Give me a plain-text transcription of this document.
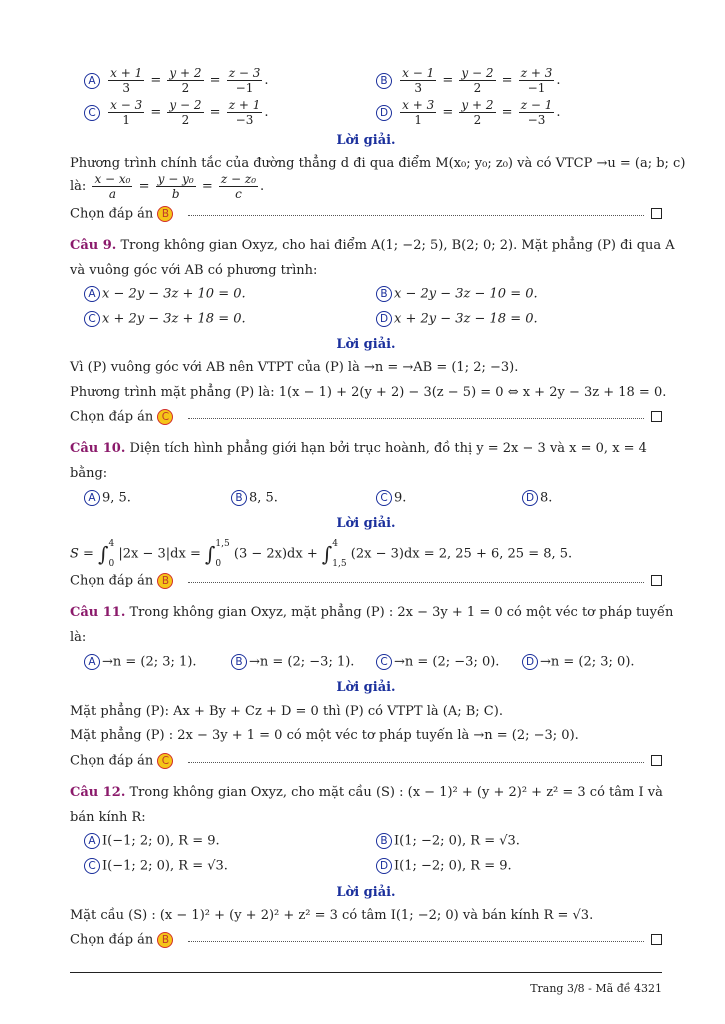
A $\frac{x + 1}{3} = \frac{y + 2}{2} = \frac{z - 3}{-1}$ .	B $\frac{x - 1}{3} = \frac{y - 2}{2} = \frac{z + 3}{-1}$ .
C $\frac{x - 3}{1} = \frac{y - 2}{2} = \frac{z + 1}{-3}$ .	D $\frac{x + 3}{1} = \frac{y + 2}{2} = \frac{z - 1}{-3}$ .
Lời giải.
Phương trình chính tắc của đường thẳng d đi qua điểm M(x₀; y₀; z₀) và có VTCP →u = (a; b; c)
là: $\frac{\text{x − x₀}}{a} = \frac{\text{y − y₀}}{b} = \frac{\text{z − z₀}}{c}$ .
Chọn đáp án B
Câu 9. Trong không gian Oxyz, cho hai điểm A(1; −2; 5), B(2; 0; 2). Mặt phẳng (P) đi qua A
và vuông góc với AB có phương trình:
A x − 2y − 3z + 10 = 0.	B x − 2y − 3z − 10 = 0.
C x + 2y − 3z + 18 = 0.	D x + 2y − 3z − 18 = 0.
Lời giải.
Vì (P) vuông góc với AB nên VTPT của (P) là →n = →AB = (1; 2; −3).
Phương trình mặt phẳng (P) là: 1(x − 1) + 2(y + 2) − 3(z − 5) = 0 ⇔ x + 2y − 3z + 18 = 0.
Chọn đáp án C
Câu 10. Diện tích hình phẳng giới hạn bởi trục hoành, đồ thị y = 2x − 3 và x = 0, x = 4
bằng:
A 9, 5.	B 8, 5.	C 9.	D 8.
Lời giải.
S = ∫ 4
0
|2x − 3|dx = ∫ 1,5
0
(3 − 2x)dx + ∫ 4
1,5
(2x − 3)dx = 2, 25 + 6, 25 = 8, 5.
Chọn đáp án B
Câu 11. Trong không gian Oxyz, mặt phẳng (P) : 2x − 3y + 1 = 0 có một véc tơ pháp tuyến
là:
A →n = (2; 3; 1).	B →n = (2; −3; 1).	C →n = (2; −3; 0).	D →n = (2; 3; 0).
Lời giải.
Mặt phẳng (P): Ax + By + Cz + D = 0 thì (P) có VTPT là (A; B; C).
Mặt phẳng (P) : 2x − 3y + 1 = 0 có một véc tơ pháp tuyến là →n = (2; −3; 0).
Chọn đáp án C
Câu 12. Trong không gian Oxyz, cho mặt cầu (S) : (x − 1)² + (y + 2)² + z² = 3 có tâm I và
bán kính R:
A I(−1; 2; 0), R = 9.	B I(1; −2; 0), R = √3.
C I(−1; 2; 0), R = √3.	D I(1; −2; 0), R = 9.
Lời giải.
Mặt cầu (S) : (x − 1)² + (y + 2)² + z² = 3 có tâm I(1; −2; 0) và bán kính R = √3.
Chọn đáp án B
Trang 3/8 - Mã đề 4321
